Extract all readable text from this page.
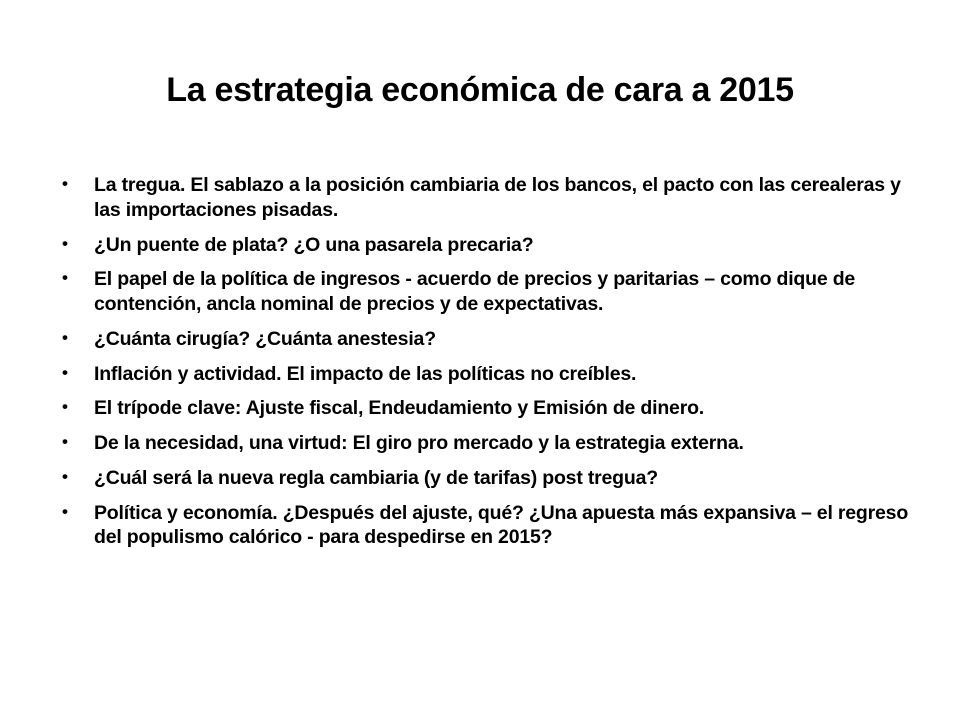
La estrategia económica de cara a 2015
• La tregua. El sablazo a la posición cambiaria de los bancos, el pacto con las cerealeras y las importaciones pisadas.
• ¿Un puente de plata? ¿O una pasarela precaria?
• El papel de la política de ingresos - acuerdo de precios y paritarias – como dique de contención, ancla nominal de precios y de expectativas.
• ¿Cuánta cirugía? ¿Cuánta anestesia?
• Inflación y actividad. El impacto de las políticas no creíbles.
• El trípode clave: Ajuste fiscal, Endeudamiento y Emisión de dinero.
• De la necesidad, una virtud: El giro pro mercado y la estrategia externa.
• ¿Cuál será la nueva regla cambiaria (y de tarifas) post tregua?
• Política y economía. ¿Después del ajuste, qué? ¿Una apuesta más expansiva – el regreso del populismo calórico - para despedirse en 2015?
